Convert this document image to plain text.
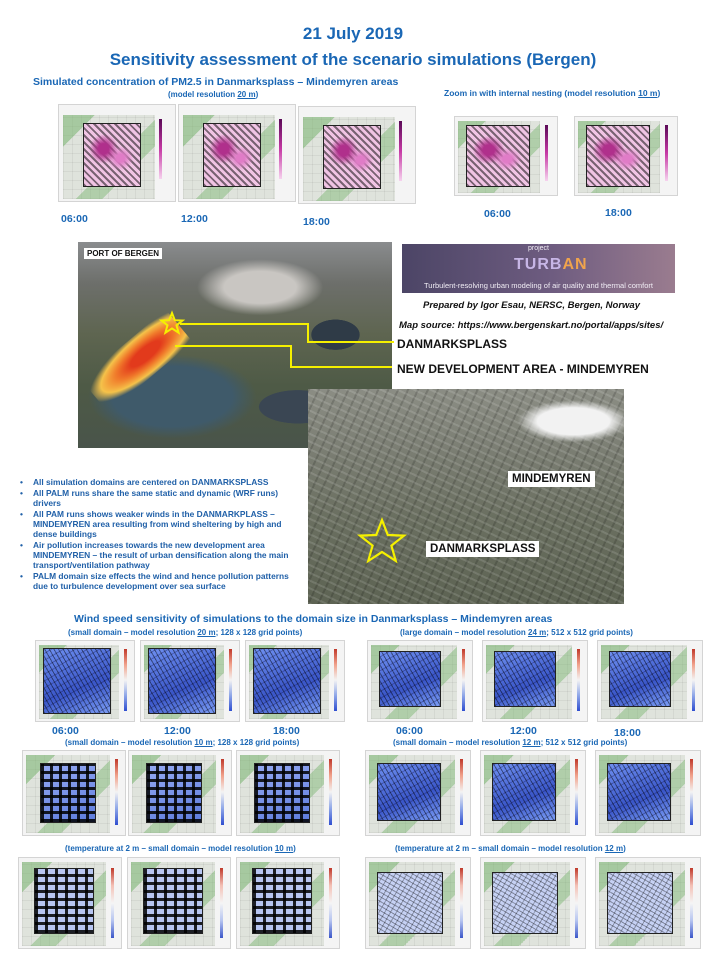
21 July 2019
Sensitivity assessment of the scenario simulations (Bergen)
Simulated concentration of PM2.5 in Danmarksplass – Mindemyren areas
(model resolution 20 m)	Zoom in with internal nesting (model resolution 10 m)
06:00	12:00	18:00
06:00	18:00
PORT OF BERGEN
MINDEMYREN
DANMARKSPLASS
project
TURBAN
Turbulent-resolving urban modeling of air quality and thermal comfort
Prepared by Igor Esau, NERSC, Bergen, Norway
Map source: https://www.bergenskart.no/portal/apps/sites/
DANMARKSPLASS
NEW DEVELOPMENT AREA - MINDEMYREN
• All simulation domains are centered on DANMARKSPLASS
• All PALM runs share the same static and dynamic (WRF runs) drivers
• All PAM runs shows weaker winds in the DANMARKPLASS – MINDEMYREN area resulting from wind sheltering by high and dense buildings
• Air pollution increases towards the new development area MINDEMYREN – the result of urban densification along the main transport/ventilation pathway
• PALM domain size effects the wind and hence pollution patterns due to turbulence development over sea surface
Wind speed sensitivity of simulations to the domain size in Danmarksplass – Mindemyren areas
(small domain – model resolution 20 m; 128 x 128 grid points)	(large domain – model resolution 24 m; 512 x 512 grid points)
06:00	12:00	18:00	06:00	12:00	18:00
(small domain – model resolution 10 m; 128 x 128 grid points)	(small domain – model resolution 12 m; 512 x 512 grid points)
(temperature at 2 m – small domain – model resolution 10 m)	(temperature at 2 m – small domain – model resolution 12 m)
